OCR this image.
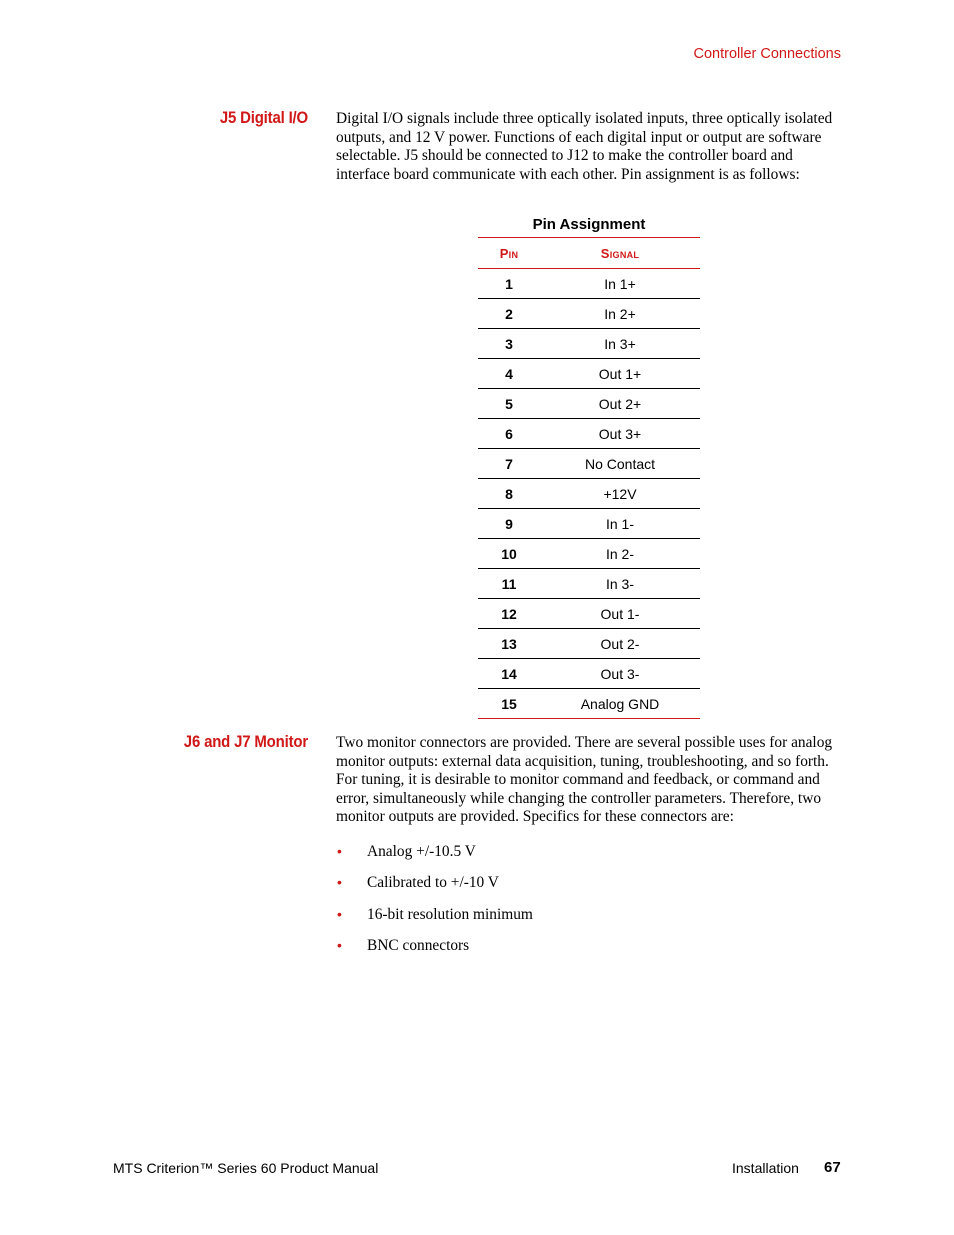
Controller Connections
J5 Digital I/O Digital I/O signals include three optically isolated inputs, three optically isolated outputs, and 12 V power. Functions of each digital input or output are software selectable. J5 should be connected to J12 to make the controller board and interface board communicate with each other. Pin assignment is as follows:

Pin Assignment
Pin	Signal
1	In 1+
2	In 2+
3	In 3+
4	Out 1+
5	Out 2+
6	Out 3+
7	No Contact
8	+12V
9	In 1-
10	In 2-
11	In 3-
12	Out 1-
13	Out 2-
14	Out 3-
15	Analog GND
J6 and J7 Monitor Two monitor connectors are provided. There are several possible uses for analog monitor outputs: external data acquisition, tuning, troubleshooting, and so forth. For tuning, it is desirable to monitor command and feedback, or command and error, simultaneously while changing the controller parameters. Therefore, two monitor outputs are provided. Specifics for these connectors are:

• Analog +/-10.5 V
• Calibrated to +/-10 V
• 16-bit resolution minimum
• BNC connectors
MTS Criterion™ Series 60 Product Manual	Installation 67
